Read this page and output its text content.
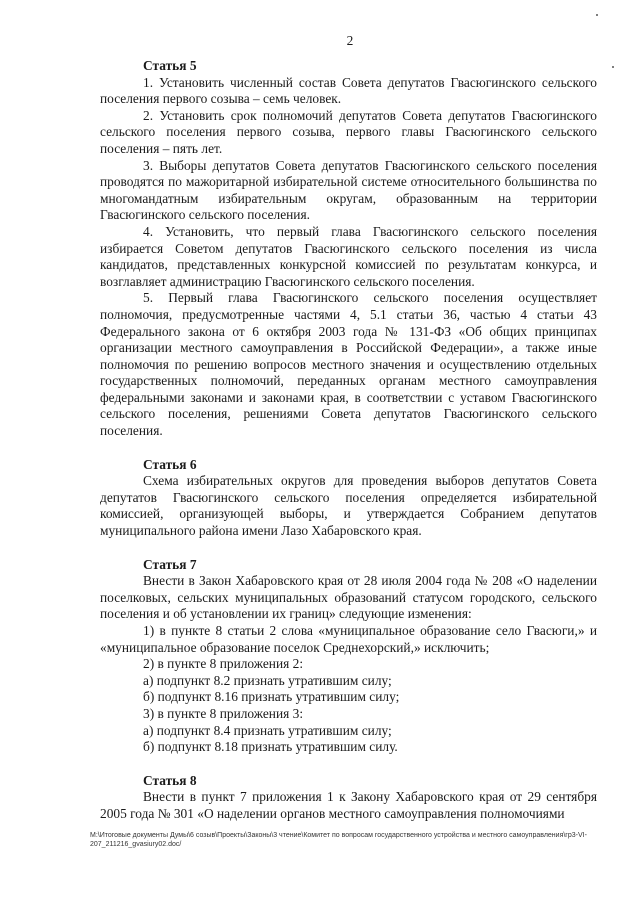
2
Статья 5

1. Установить численный состав Совета депутатов Гвасюгинского сельского поселения первого созыва – семь человек.

2. Установить срок полномочий депутатов Совета депутатов Гвасюгинского сельского поселения первого созыва, первого главы Гвасюгинского сельского поселения – пять лет.

3. Выборы депутатов Совета депутатов Гвасюгинского сельского поселения проводятся по мажоритарной избирательной системе относительного большинства по многомандатным избирательным округам, образованным на территории Гвасюгинского сельского поселения.

4. Установить, что первый глава Гвасюгинского сельского поселения избирается Советом депутатов Гвасюгинского сельского поселения из числа кандидатов, представленных конкурсной комиссией по результатам конкурса, и возглавляет администрацию Гвасюгинского сельского поселения.

5. Первый глава Гвасюгинского сельского поселения осуществляет полномочия, предусмотренные частями 4, 5.1 статьи 36, частью 4 статьи 43 Федерального закона от 6 октября 2003 года № 131-ФЗ «Об общих принципах организации местного самоуправления в Российской Федерации», а также иные полномочия по решению вопросов местного значения и осуществлению отдельных государственных полномочий, переданных органам местного самоуправления федеральными законами и законами края, в соответствии с уставом Гвасюгинского сельского поселения, решениями Совета депутатов Гвасюгинского сельского поселения.

Статья 6

Схема избирательных округов для проведения выборов депутатов Совета депутатов Гвасюгинского сельского поселения определяется избирательной комиссией, организующей выборы, и утверждается Собранием депутатов муниципального района имени Лазо Хабаровского края.

Статья 7

Внести в Закон Хабаровского края от 28 июля 2004 года № 208 «О наделении поселковых, сельских муниципальных образований статусом городского, сельского поселения и об установлении их границ» следующие изменения:

1) в пункте 8 статьи 2 слова «муниципальное образование село Гвасюги,» и «муниципальное образование поселок Среднехорский,» исключить;

2) в пункте 8 приложения 2:

а) подпункт 8.2 признать утратившим силу;

б) подпункт 8.16 признать утратившим силу;

3) в пункте 8 приложения 3:

а) подпункт 8.4 признать утратившим силу;

б) подпункт 8.18 признать утратившим силу.

Статья 8

Внести в пункт 7 приложения 1 к Закону Хабаровского края от 29 сентября 2005 года № 301 «О наделении органов местного самоуправления полномочиями

M:\Итоговые документы Думы\6 созыв\Проекты\Законы\3 чтение\Комитет по вопросам государственного устройства и местного самоуправления\гр3-VI-207_211216_gvasiury02.doc/
